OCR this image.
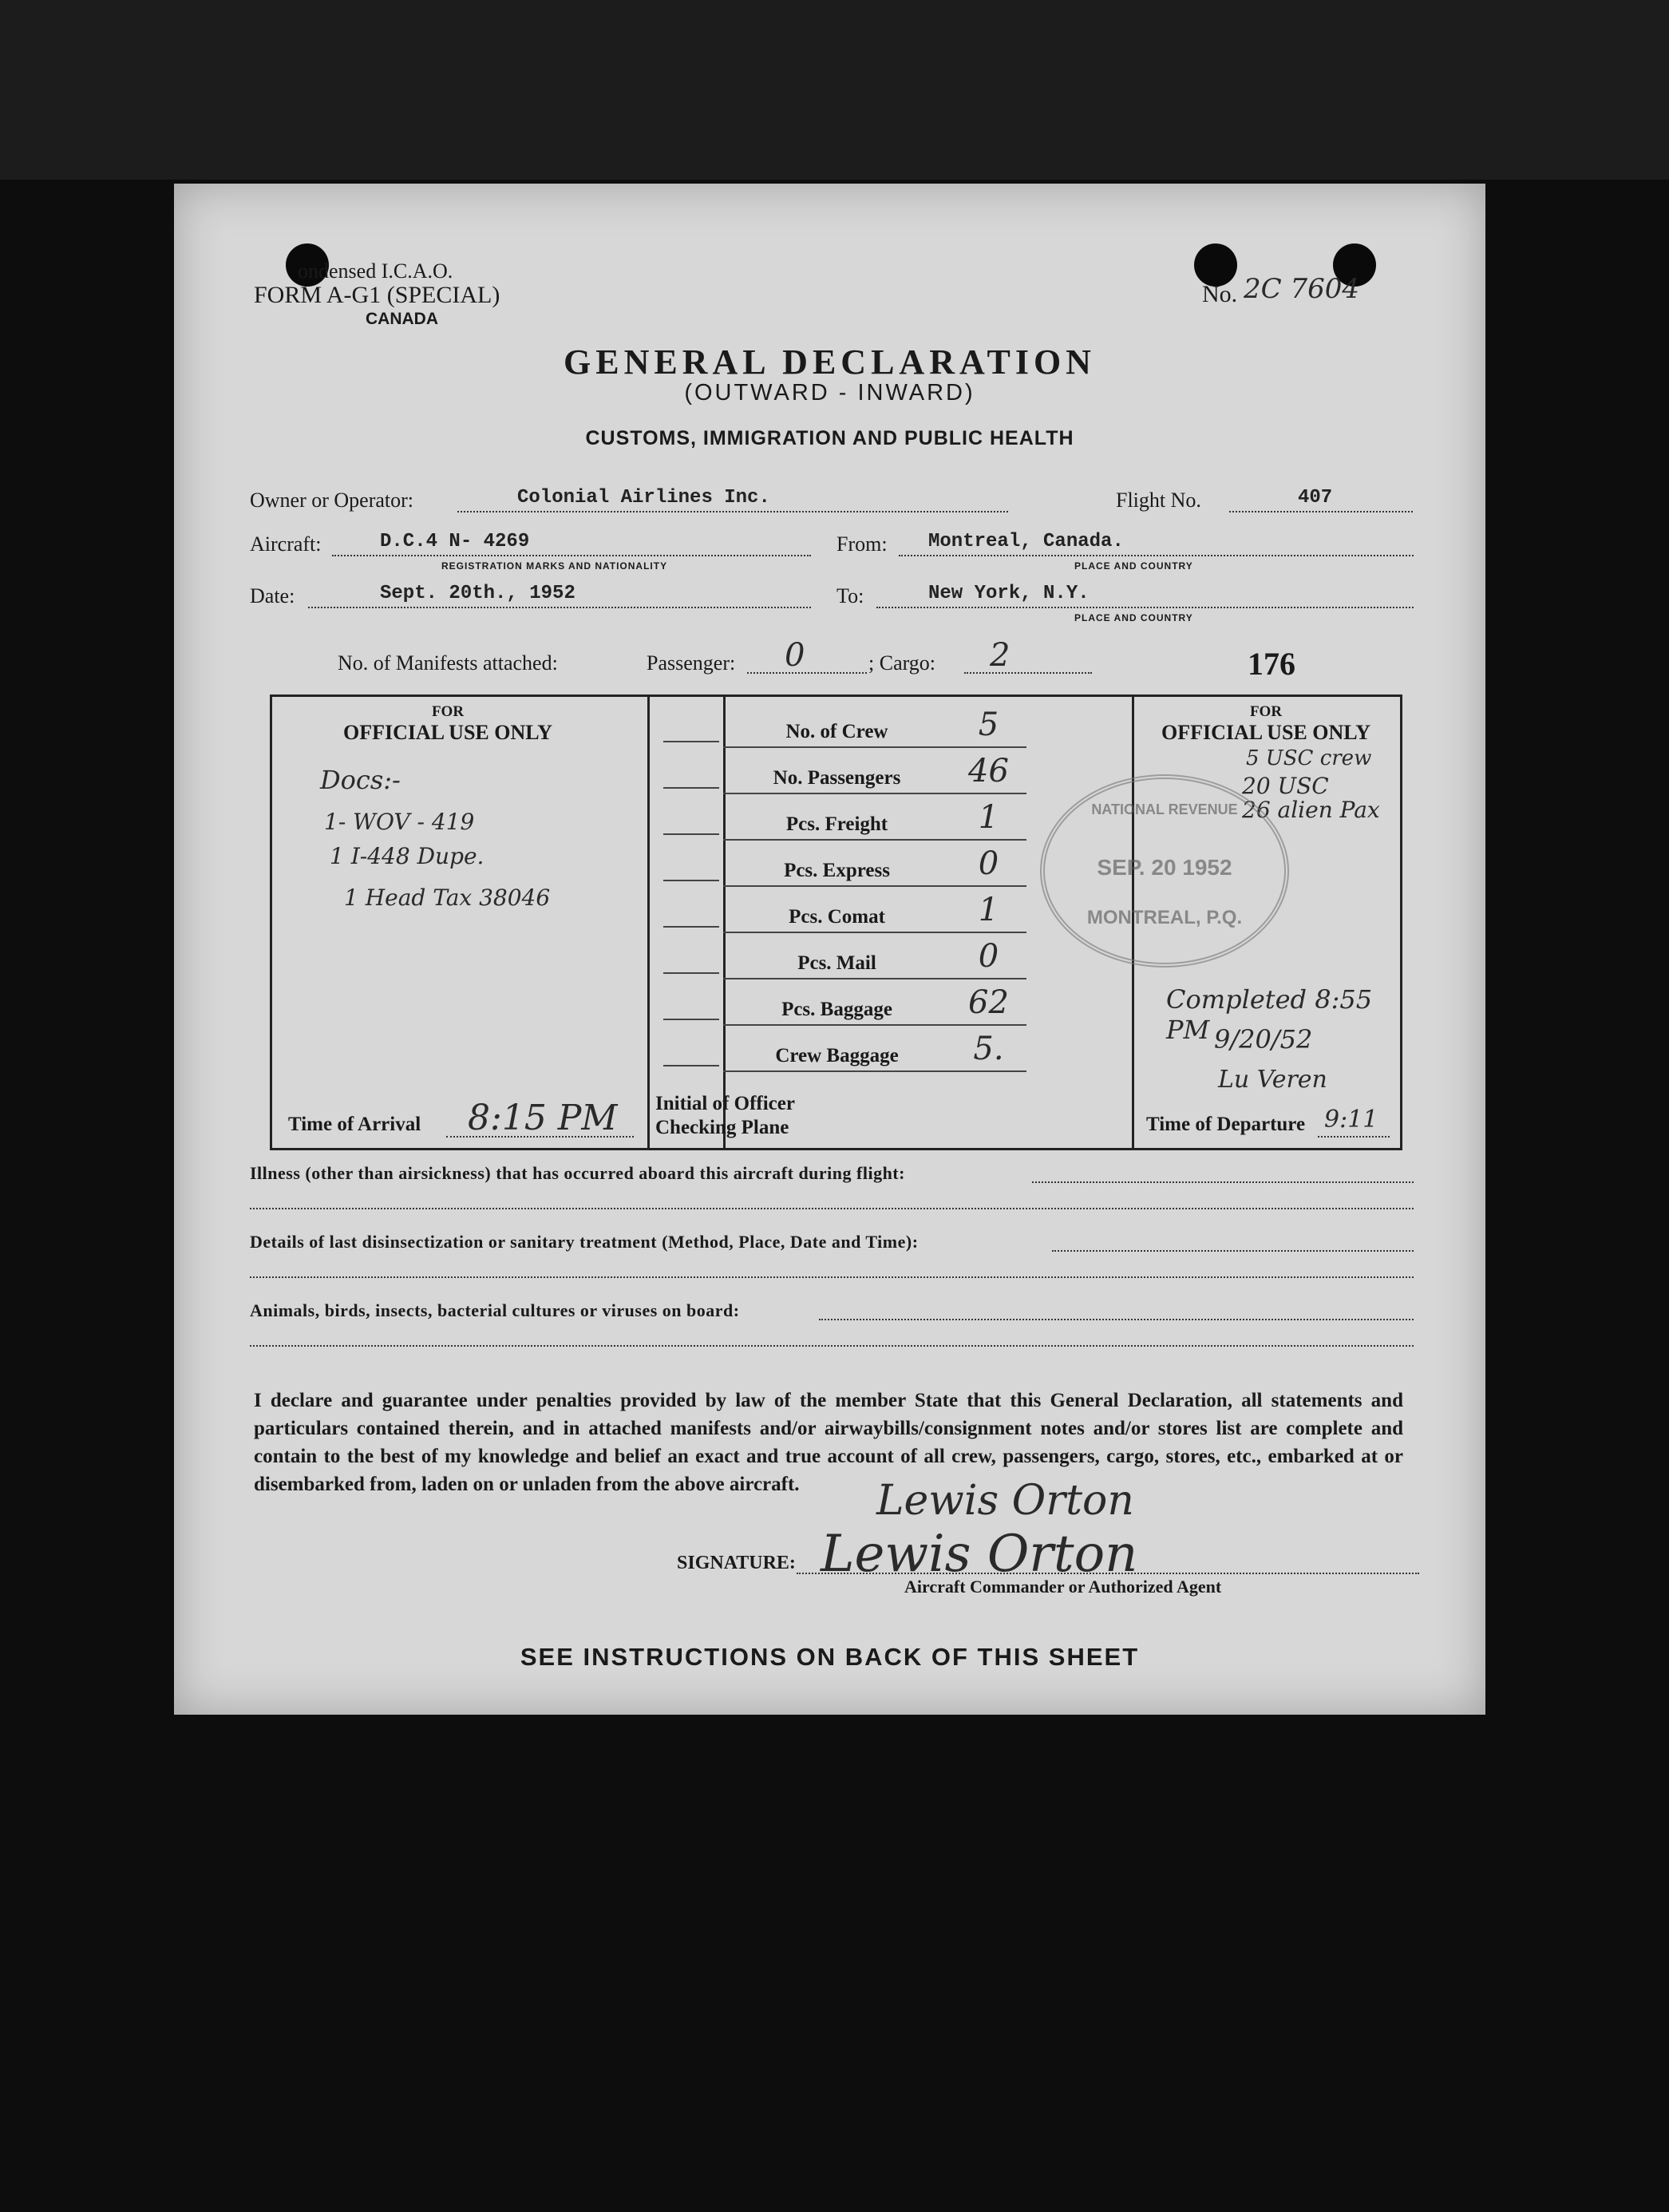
ondensed I.C.A.O.
FORM A-G1 (SPECIAL)
CANADA
No. 2C 7604
GENERAL DECLARATION
(OUTWARD - INWARD)
CUSTOMS, IMMIGRATION AND PUBLIC HEALTH
Owner or Operator:	Colonial Airlines Inc.	Flight No.	407
Aircraft:	D.C.4 N- 4269
REGISTRATION MARKS AND NATIONALITY
From: Montreal, Canada.
PLACE AND COUNTRY
Date:	Sept. 20th., 1952	To:	New York, N.Y.
PLACE AND COUNTRY
No. of Manifests attached:	Passenger: 0	; Cargo: 2	176
FOR
OFFICIAL USE ONLY
Docs:-
1- WOV - 419
1 I-448 Dupe.
1 Head Tax 38046
Time of Arrival 8:15 PM
No. of Crew	5
No. Passengers	46
Pcs. Freight	1
Pcs. Express	0
Pcs. Comat	1
Pcs. Mail	0
Pcs. Baggage	62
Crew Baggage	5.
Initial of Officer
Checking Plane
FOR
OFFICIAL USE ONLY
5 USC crew
20 USC
26 alien Pax
Completed 8:55 PM 9/20/52
Lu Veren
Time of Departure 9:11
NATIONAL REVENUE
SEP. 20 1952
MONTREAL, P.Q.
Illness (other than airsickness) that has occurred aboard this aircraft during flight:
Details of last disinsectization or sanitary treatment (Method, Place, Date and Time):
Animals, birds, insects, bacterial cultures or viruses on board:
I declare and guarantee under penalties provided by law of the member State that this General Declaration, all statements and particulars contained therein, and in attached manifests and/or airwaybills/consignment notes and/or stores list are complete and contain to the best of my knowledge and belief an exact and true account of all crew, passengers, cargo, stores, etc., embarked at or disembarked from, laden on or unladen from the above aircraft.	Lewis Orton
SIGNATURE: Lewis Orton
Aircraft Commander or Authorized Agent
SEE INSTRUCTIONS ON BACK OF THIS SHEET
